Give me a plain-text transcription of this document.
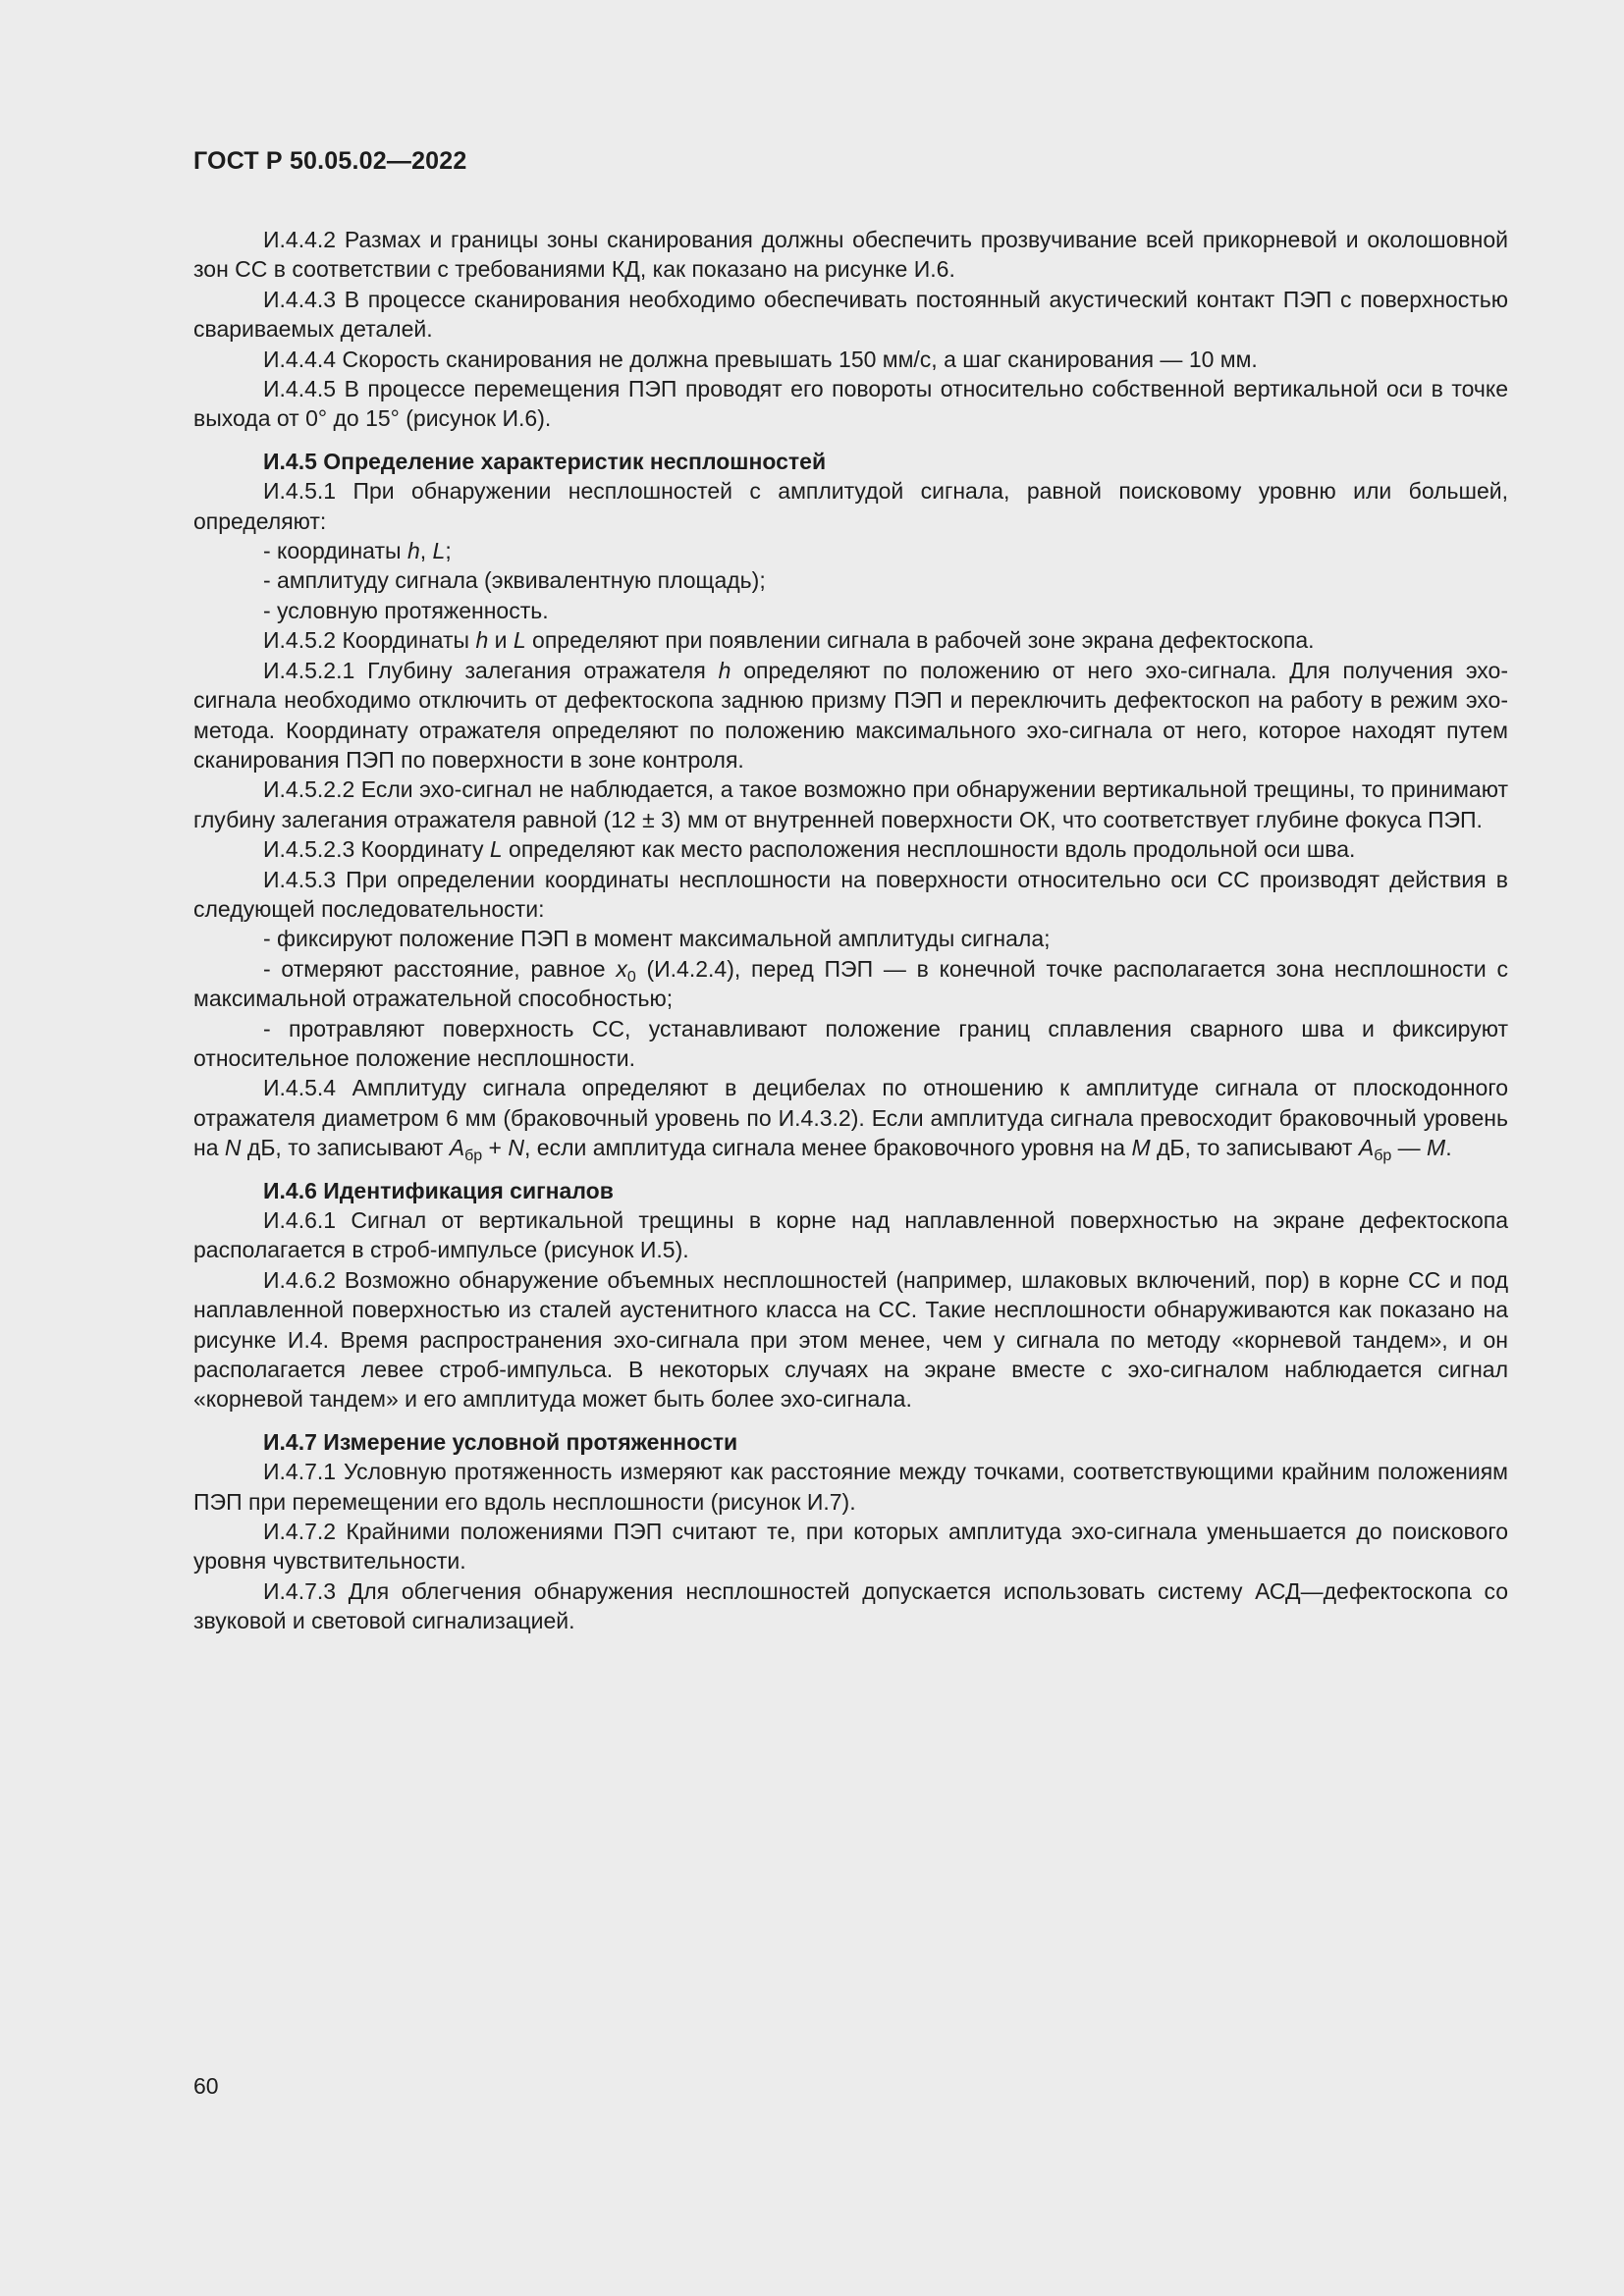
ГОСТ Р 50.05.02—2022

И.4.4.2 Размах и границы зоны сканирования должны обеспечить прозвучивание всей прикорневой и околошовной зон СС в соответствии с требованиями КД, как показано на рисунке И.6.

И.4.4.3 В процессе сканирования необходимо обеспечивать постоянный акустический контакт ПЭП с поверхностью свариваемых деталей.

И.4.4.4 Скорость сканирования не должна превышать 150 мм/с, а шаг сканирования — 10 мм.

И.4.4.5 В процессе перемещения ПЭП проводят его повороты относительно собственной вертикальной оси в точке выхода от 0° до 15° (рисунок И.6).

И.4.5 Определение характеристик несплошностей

И.4.5.1 При обнаружении несплошностей с амплитудой сигнала, равной поисковому уровню или большей, определяют:

- координаты h, L;

- амплитуду сигнала (эквивалентную площадь);

- условную протяженность.

И.4.5.2 Координаты h и L определяют при появлении сигнала в рабочей зоне экрана дефектоскопа.

И.4.5.2.1 Глубину залегания отражателя h определяют по положению от него эхо-сигнала. Для получения эхо-сигнала необходимо отключить от дефектоскопа заднюю призму ПЭП и переключить дефектоскоп на работу в режим эхо-метода. Координату отражателя определяют по положению максимального эхо-сигнала от него, которое находят путем сканирования ПЭП по поверхности в зоне контроля.

И.4.5.2.2 Если эхо-сигнал не наблюдается, а такое возможно при обнаружении вертикальной трещины, то принимают глубину залегания отражателя равной (12 ± 3) мм от внутренней поверхности ОК, что соответствует глубине фокуса ПЭП.

И.4.5.2.3 Координату L определяют как место расположения несплошности вдоль продольной оси шва.

И.4.5.3 При определении координаты несплошности на поверхности относительно оси СС производят действия в следующей последовательности:

- фиксируют положение ПЭП в момент максимальной амплитуды сигнала;

- отмеряют расстояние, равное $x_0$ (И.4.2.4), перед ПЭП — в конечной точке располагается зона несплошности с максимальной отражательной способностью;

- протравляют поверхность СС, устанавливают положение границ сплавления сварного шва и фиксируют относительное положение несплошности.

И.4.5.4 Амплитуду сигнала определяют в децибелах по отношению к амплитуде сигнала от плоскодонного отражателя диаметром 6 мм (браковочный уровень по И.4.3.2). Если амплитуда сигнала превосходит браковочный уровень на N дБ, то записывают $A_{бр} + N$, если амплитуда сигнала менее браковочного уровня на M дБ, то записывают $A_{бр}$ — M.

И.4.6 Идентификация сигналов

И.4.6.1 Сигнал от вертикальной трещины в корне над наплавленной поверхностью на экране дефектоскопа располагается в строб-импульсе (рисунок И.5).

И.4.6.2 Возможно обнаружение объемных несплошностей (например, шлаковых включений, пор) в корне СС и под наплавленной поверхностью из сталей аустенитного класса на СС. Такие несплошности обнаруживаются как показано на рисунке И.4. Время распространения эхо-сигнала при этом менее, чем у сигнала по методу «корневой тандем», и он располагается левее строб-импульса. В некоторых случаях на экране вместе с эхо-сигналом наблюдается сигнал «корневой тандем» и его амплитуда может быть более эхо-сигнала.

И.4.7 Измерение условной протяженности

И.4.7.1 Условную протяженность измеряют как расстояние между точками, соответствующими крайним положениям ПЭП при перемещении его вдоль несплошности (рисунок И.7).

И.4.7.2 Крайними положениями ПЭП считают те, при которых амплитуда эхо-сигнала уменьшается до поискового уровня чувствительности.

И.4.7.3 Для облегчения обнаружения несплошностей допускается использовать систему АСД—дефектоскопа со звуковой и световой сигнализацией.

60
